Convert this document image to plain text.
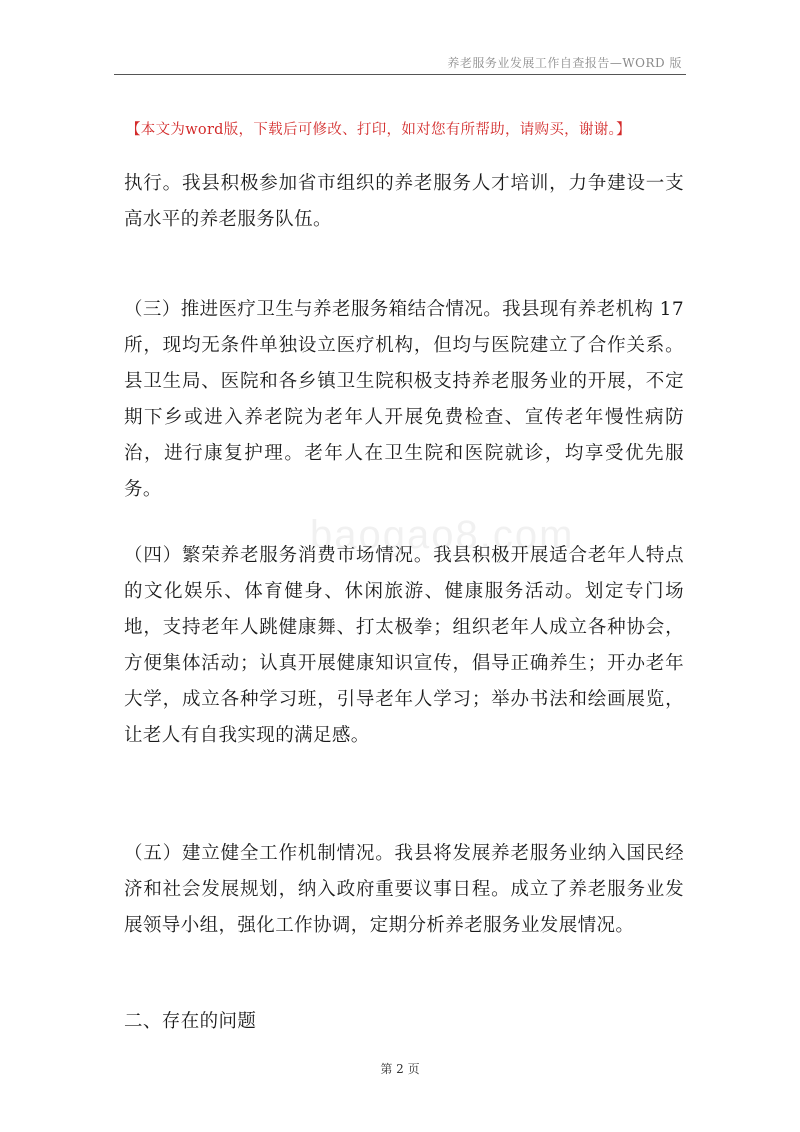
养老服务业发展工作自查报告—WORD 版
【本文为word版，下载后可修改、打印，如对您有所帮助，请购买，谢谢。】
baogao8.com

执行。我县积极参加省市组织的养老服务人才培训，力争建设一支高水平的养老服务队伍。

（三）推进医疗卫生与养老服务箱结合情况。我县现有养老机构 17 所，现均无条件单独设立医疗机构，但均与医院建立了合作关系。县卫生局、医院和各乡镇卫生院积极支持养老服务业的开展，不定期下乡或进入养老院为老年人开展免费检查、宣传老年慢性病防治，进行康复护理。老年人在卫生院和医院就诊，均享受优先服务。

（四）繁荣养老服务消费市场情况。我县积极开展适合老年人特点的文化娱乐、体育健身、休闲旅游、健康服务活动。划定专门场地，支持老年人跳健康舞、打太极拳；组织老年人成立各种协会，方便集体活动；认真开展健康知识宣传，倡导正确养生；开办老年大学，成立各种学习班，引导老年人学习；举办书法和绘画展览，让老人有自我实现的满足感。

（五）建立健全工作机制情况。我县将发展养老服务业纳入国民经济和社会发展规划，纳入政府重要议事日程。成立了养老服务业发展领导小组，强化工作协调，定期分析养老服务业发展情况。

二、存在的问题

第 2 页
